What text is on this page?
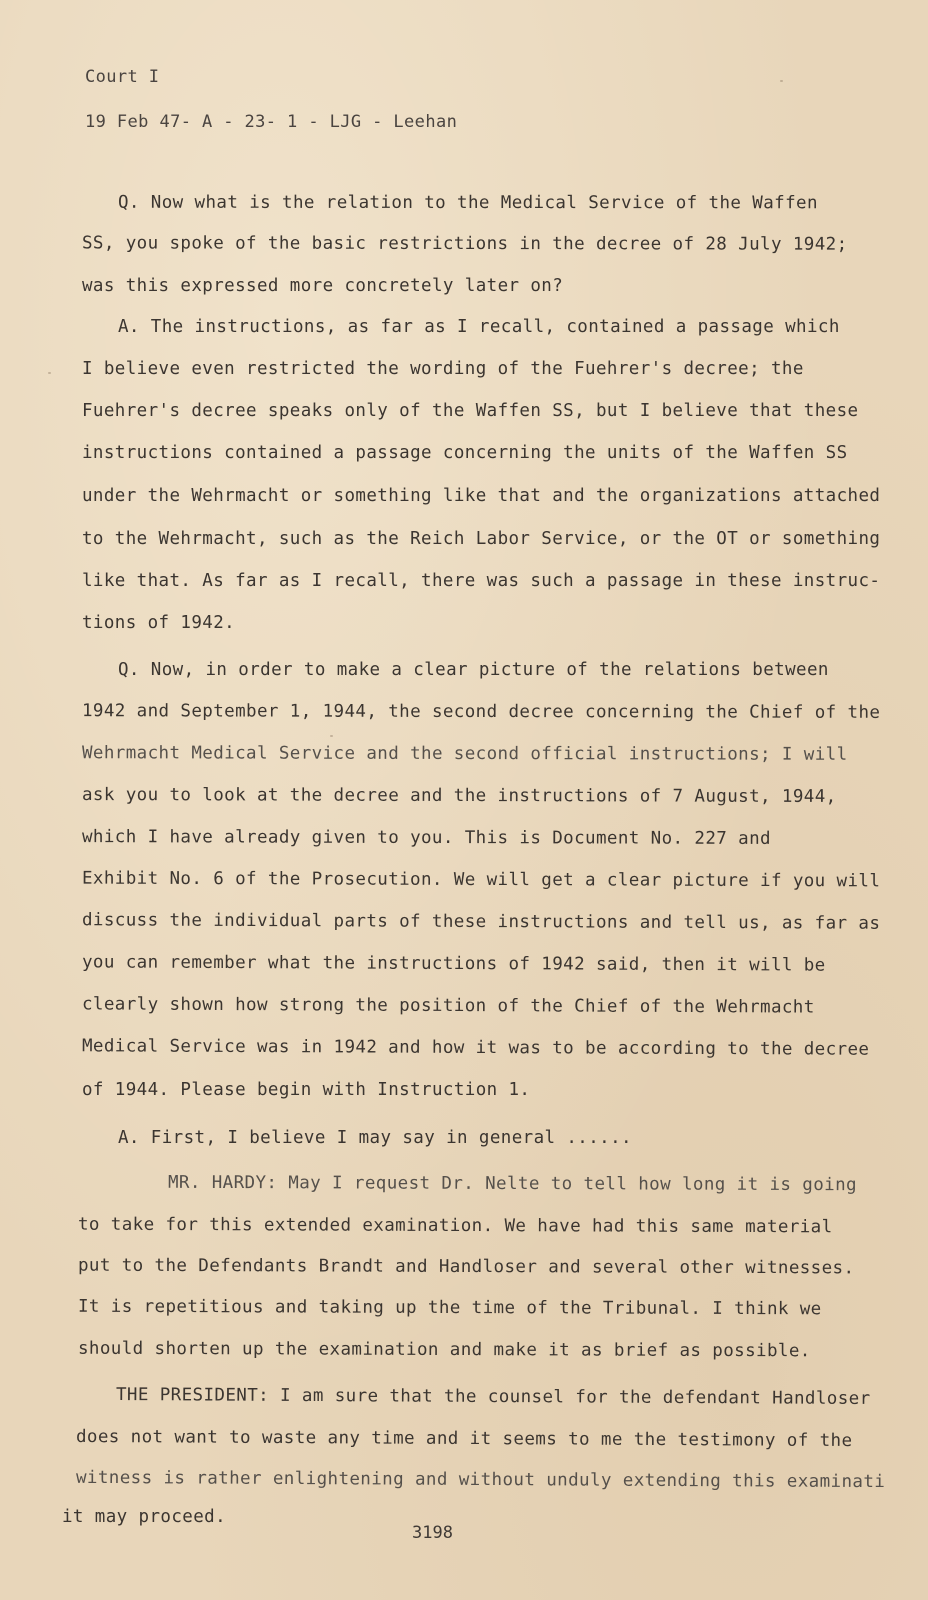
Court I
19 Feb 47- A - 23- 1 - LJG - Leehan
Q. Now what is the relation to the Medical Service of the Waffen
SS, you spoke of the basic restrictions in the decree of 28 July 1942;
was this expressed more concretely later on?
A. The instructions, as far as I recall, contained a passage which
I believe even restricted the wording of the Fuehrer's decree; the
Fuehrer's decree speaks only of the Waffen SS, but I believe that these
instructions contained a passage concerning the units of the Waffen SS
under the Wehrmacht or something like that and the organizations attached
to the Wehrmacht, such as the Reich Labor Service, or the OT or something
like that. As far as I recall, there was such a passage in these instruc-
tions of 1942.
Q. Now, in order to make a clear picture of the relations between
1942 and September 1, 1944, the second decree concerning the Chief of the
Wehrmacht Medical Service and the second official instructions; I will
ask you to look at the decree and the instructions of 7 August, 1944,
which I have already given to you. This is Document No. 227 and
Exhibit No. 6 of the Prosecution. We will get a clear picture if you will
discuss the individual parts of these instructions and tell us, as far as
you can remember what the instructions of 1942 said, then it will be
clearly shown how strong the position of the Chief of the Wehrmacht
Medical Service was in 1942 and how it was to be according to the decree
of 1944. Please begin with Instruction 1.
A. First, I believe I may say in general ......
MR. HARDY: May I request Dr. Nelte to tell how long it is going
to take for this extended examination. We have had this same material
put to the Defendants Brandt and Handloser and several other witnesses.
It is repetitious and taking up the time of the Tribunal. I think we
should shorten up the examination and make it as brief as possible.
THE PRESIDENT: I am sure that the counsel for the defendant Handloser
does not want to waste any time and it seems to me the testimony of the
witness is rather enlightening and without unduly extending this examinati
it may proceed.
3198
